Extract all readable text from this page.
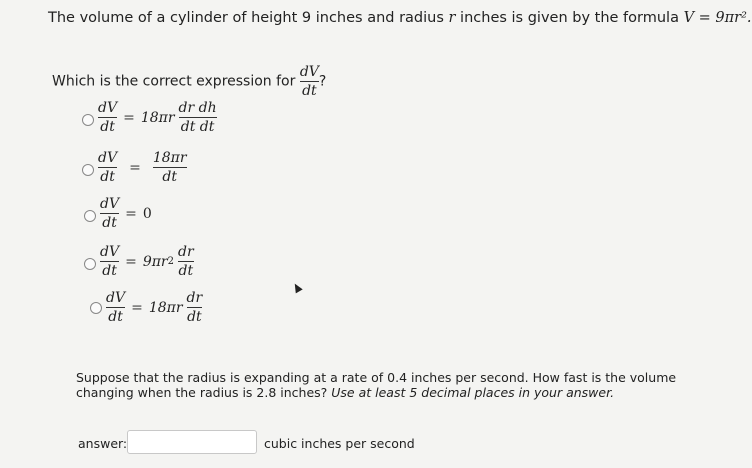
The volume of a cylinder of height 9 inches and radius r inches is given by the formula V = 9πr².
Which is the correct expression for $\frac{dV}{dt}$ ?
$\frac{dV}{dt} = 18\pi r \frac{\text{dr dh}}{\text{dt dt}}$
$\frac{dV}{dt} = \frac{18\pi r}{dt}$
$\frac{dV}{dt} = 0$
$\frac{dV}{dt} = 9\pi r$ $2 \frac{dr}{dt}$
$\frac{dV}{dt} = 18\pi r \frac{dr}{dt}$
Suppose that the radius is expanding at a rate of 0.4 inches per second. How fast is the volume changing when the radius is 2.8 inches? Use at least 5 decimal places in your answer.
answer:	cubic inches per second
